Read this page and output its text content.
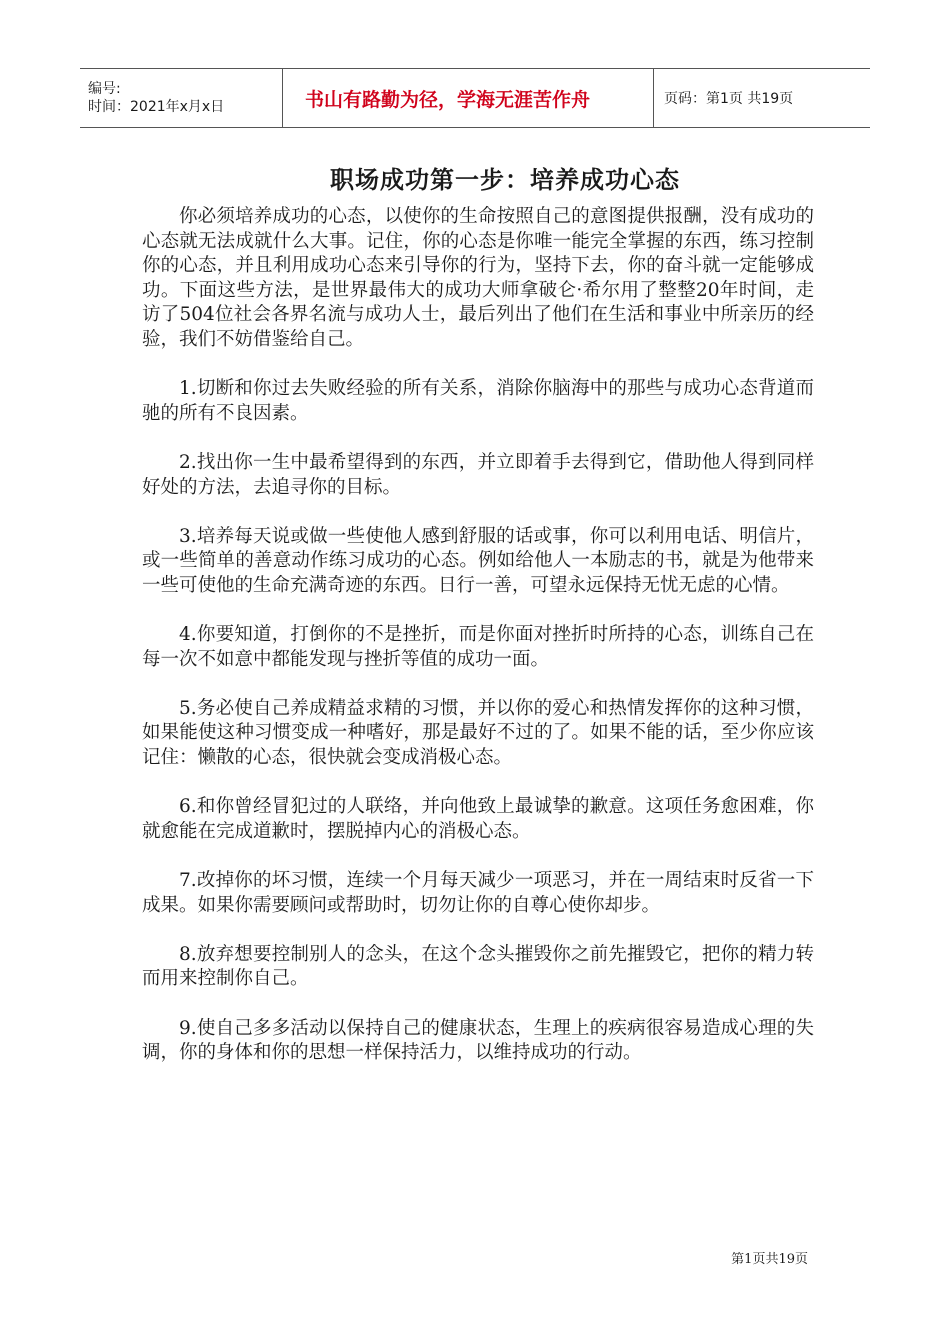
编号:
时间：2021年x月x日	书山有路勤为径，学海无涯苦作舟	页码：第1页 共19页
职场成功第一步：培养成功心态

你必须培养成功的心态，以使你的生命按照自己的意图提供报酬，没有成功的心态就无法成就什么大事。记住，你的心态是你唯一能完全掌握的东西，练习控制你的心态，并且利用成功心态来引导你的行为，坚持下去，你的奋斗就一定能够成功。下面这些方法，是世界最伟大的成功大师拿破仑·希尔用了整整20年时间，走访了504位社会各界名流与成功人士，最后列出了他们在生活和事业中所亲历的经验，我们不妨借鉴给自己。

1.切断和你过去失败经验的所有关系，消除你脑海中的那些与成功心态背道而驰的所有不良因素。

2.找出你一生中最希望得到的东西，并立即着手去得到它，借助他人得到同样好处的方法，去追寻你的目标。

3.培养每天说或做一些使他人感到舒服的话或事，你可以利用电话、明信片，或一些简单的善意动作练习成功的心态。例如给他人一本励志的书，就是为他带来一些可使他的生命充满奇迹的东西。日行一善，可望永远保持无忧无虑的心情。

4.你要知道，打倒你的不是挫折，而是你面对挫折时所持的心态，训练自己在每一次不如意中都能发现与挫折等值的成功一面。

5.务必使自己养成精益求精的习惯，并以你的爱心和热情发挥你的这种习惯，如果能使这种习惯变成一种嗜好，那是最好不过的了。如果不能的话，至少你应该记住：懒散的心态，很快就会变成消极心态。

6.和你曾经冒犯过的人联络，并向他致上最诚挚的歉意。这项任务愈困难，你就愈能在完成道歉时，摆脱掉内心的消极心态。

7.改掉你的坏习惯，连续一个月每天减少一项恶习，并在一周结束时反省一下成果。如果你需要顾问或帮助时，切勿让你的自尊心使你却步。

8.放弃想要控制别人的念头，在这个念头摧毁你之前先摧毁它，把你的精力转而用来控制你自己。

9.使自己多多活动以保持自己的健康状态，生理上的疾病很容易造成心理的失调，你的身体和你的思想一样保持活力，以维持成功的行动。

第1页共19页
